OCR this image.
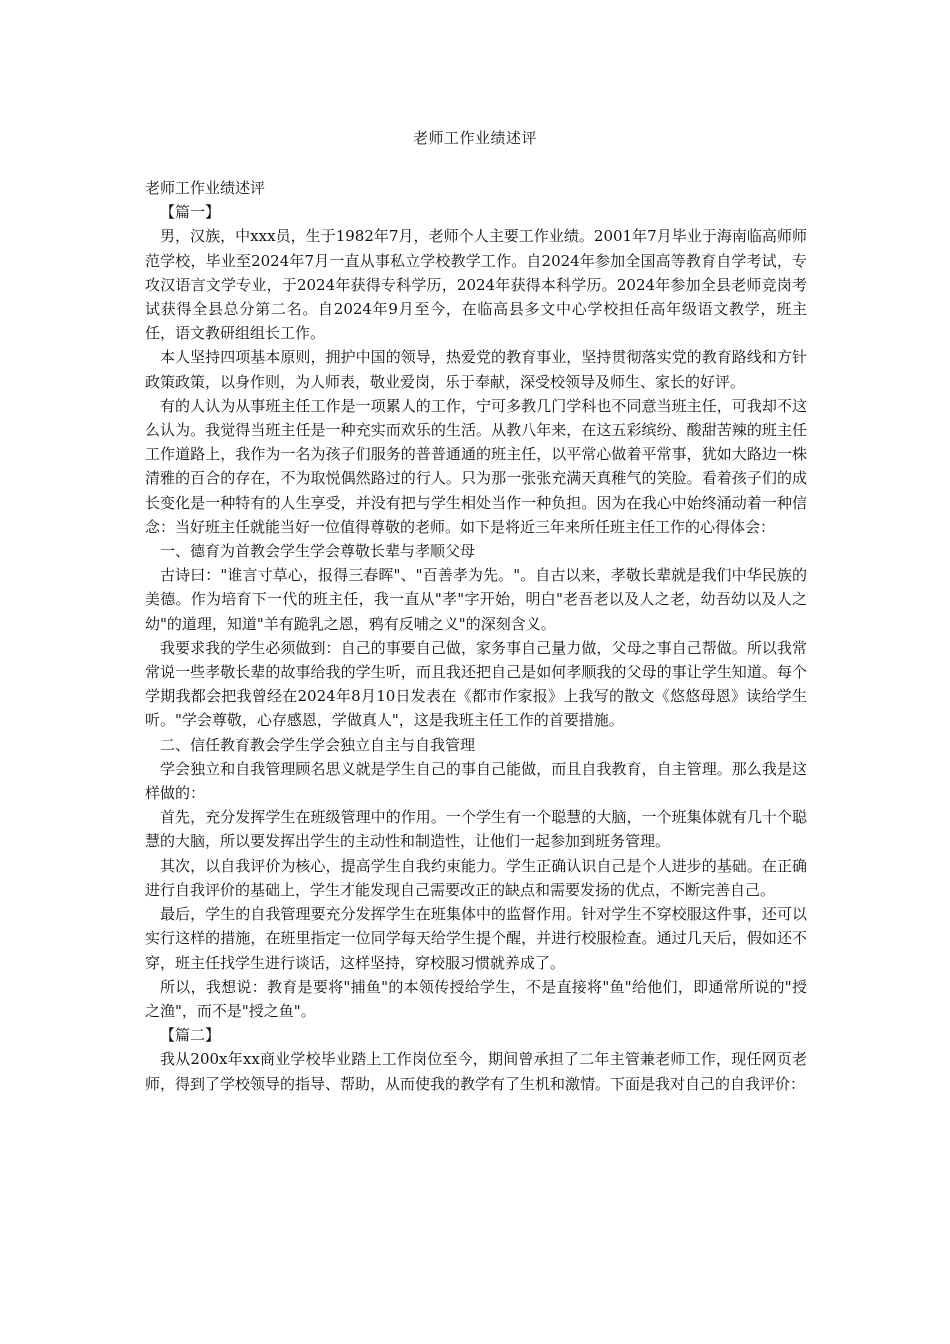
老师工作业绩述评

老师工作业绩述评

【篇一】

男，汉族，中xxx员，生于1982年7月，老师个人主要工作业绩。2001年7月毕业于海南临高师师范学校，毕业至2024年7月一直从事私立学校教学工作。自2024年参加全国高等教育自学考试，专攻汉语言文学专业，于2024年获得专科学历，2024年获得本科学历。2024年参加全县老师竞岗考试获得全县总分第二名。自2024年9月至今，在临高县多文中心学校担任高年级语文教学，班主任，语文教研组组长工作。

本人坚持四项基本原则，拥护中国的领导，热爱党的教育事业，坚持贯彻落实党的教育路线和方针政策政策，以身作则，为人师表，敬业爱岗，乐于奉献，深受校领导及师生、家长的好评。

有的人认为从事班主任工作是一项累人的工作，宁可多教几门学科也不同意当班主任，可我却不这么认为。我觉得当班主任是一种充实而欢乐的生活。从教八年来，在这五彩缤纷、酸甜苦辣的班主任工作道路上，我作为一名为孩子们服务的普普通通的班主任，以平常心做着平常事，犹如大路边一株清雅的百合的存在，不为取悦偶然路过的行人。只为那一张张充满天真稚气的笑脸。看着孩子们的成长变化是一种特有的人生享受，并没有把与学生相处当作一种负担。因为在我心中始终涌动着一种信念：当好班主任就能当好一位值得尊敬的老师。如下是将近三年来所任班主任工作的心得体会：

一、德育为首教会学生学会尊敬长辈与孝顺父母

古诗曰："谁言寸草心，报得三春晖"、"百善孝为先。"。自古以来，孝敬长辈就是我们中华民族的美德。作为培育下一代的班主任，我一直从"孝"字开始，明白"老吾老以及人之老，幼吾幼以及人之幼"的道理，知道"羊有跪乳之恩，鸦有反哺之义"的深刻含义。

我要求我的学生必须做到：自己的事要自己做，家务事自己量力做，父母之事自己帮做。所以我常常说一些孝敬长辈的故事给我的学生听，而且我还把自己是如何孝顺我的父母的事让学生知道。每个学期我都会把我曾经在2024年8月10日发表在《都市作家报》上我写的散文《悠悠母恩》读给学生听。"学会尊敬，心存感恩，学做真人"，这是我班主任工作的首要措施。

二、信任教育教会学生学会独立自主与自我管理

学会独立和自我管理顾名思义就是学生自己的事自己能做，而且自我教育，自主管理。那么我是这样做的：

首先，充分发挥学生在班级管理中的作用。一个学生有一个聪慧的大脑，一个班集体就有几十个聪慧的大脑，所以要发挥出学生的主动性和制造性，让他们一起参加到班务管理。

其次，以自我评价为核心，提高学生自我约束能力。学生正确认识自己是个人进步的基础。在正确进行自我评价的基础上，学生才能发现自己需要改正的缺点和需要发扬的优点，不断完善自己。

最后，学生的自我管理要充分发挥学生在班集体中的监督作用。针对学生不穿校服这件事，还可以实行这样的措施，在班里指定一位同学每天给学生提个醒，并进行校服检查。通过几天后，假如还不穿，班主任找学生进行谈话，这样坚持，穿校服习惯就养成了。

所以，我想说：教育是要将"捕鱼"的本领传授给学生，不是直接将"鱼"给他们，即通常所说的"授之渔"，而不是"授之鱼"。

【篇二】

我从200x年xx商业学校毕业踏上工作岗位至今，期间曾承担了二年主管兼老师工作，现任网页老师，得到了学校领导的指导、帮助，从而使我的教学有了生机和激情。下面是我对自己的自我评价：
